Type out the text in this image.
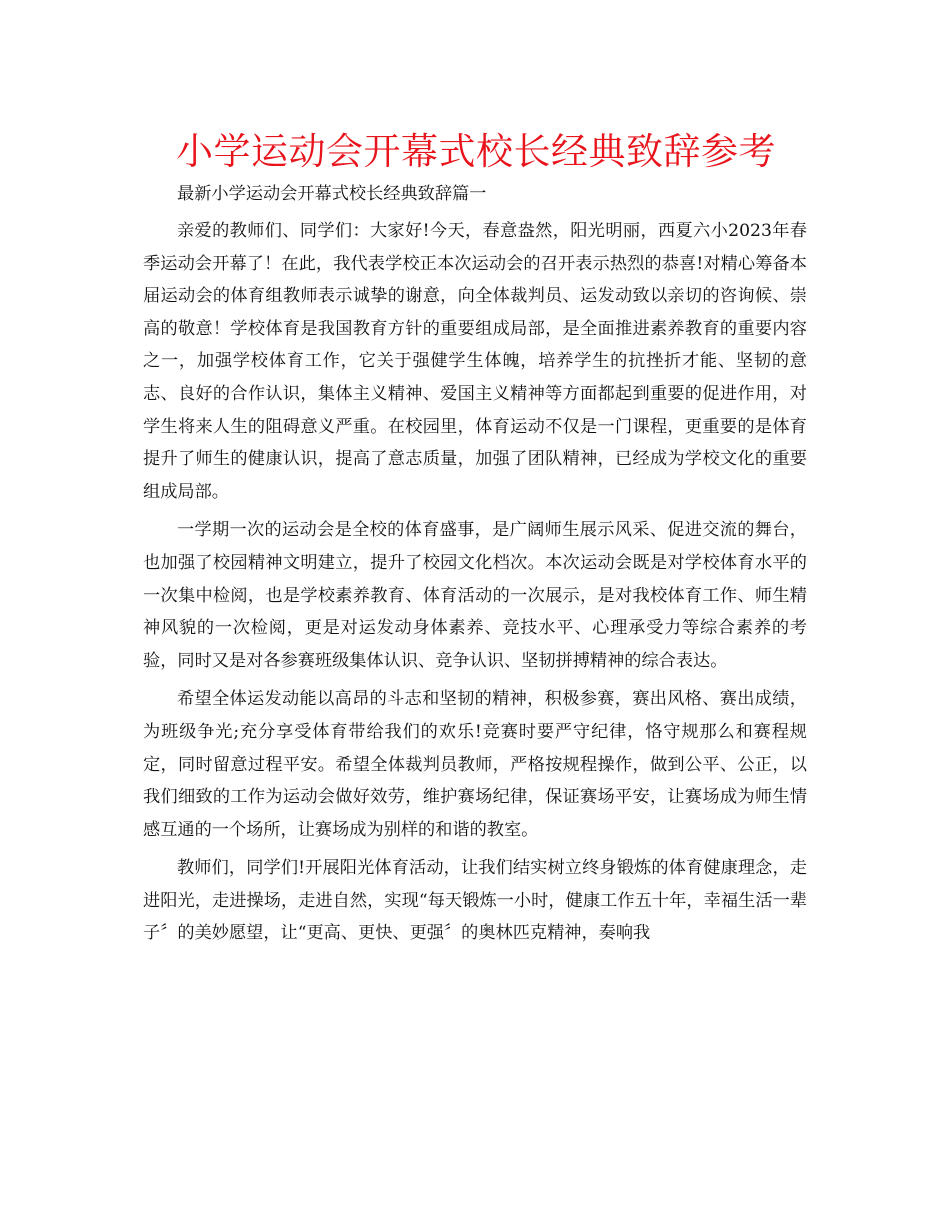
小学运动会开幕式校长经典致辞参考

最新小学运动会开幕式校长经典致辞篇一

亲爱的教师们、同学们：大家好!今天，春意盎然，阳光明丽，西夏六小2023年春季运动会开幕了！在此，我代表学校正本次运动会的召开表示热烈的恭喜!对精心筹备本届运动会的体育组教师表示诚挚的谢意，向全体裁判员、运发动致以亲切的咨询候、崇高的敬意！学校体育是我国教育方针的重要组成局部，是全面推进素养教育的重要内容之一，加强学校体育工作，它关于强健学生体魄，培养学生的抗挫折才能、坚韧的意志、良好的合作认识，集体主义精神、爱国主义精神等方面都起到重要的促进作用，对学生将来人生的阻碍意义严重。在校园里，体育运动不仅是一门课程，更重要的是体育提升了师生的健康认识，提高了意志质量，加强了团队精神，已经成为学校文化的重要组成局部。

一学期一次的运动会是全校的体育盛事，是广阔师生展示风采、促进交流的舞台，也加强了校园精神文明建立，提升了校园文化档次。本次运动会既是对学校体育水平的一次集中检阅，也是学校素养教育、体育活动的一次展示，是对我校体育工作、师生精神风貌的一次检阅，更是对运发动身体素养、竞技水平、心理承受力等综合素养的考验，同时又是对各参赛班级集体认识、竞争认识、坚韧拼搏精神的综合表达。

希望全体运发动能以高昂的斗志和坚韧的精神，积极参赛，赛出风格、赛出成绩，为班级争光;充分享受体育带给我们的欢乐!竞赛时要严守纪律，恪守规那么和赛程规定，同时留意过程平安。希望全体裁判员教师，严格按规程操作，做到公平、公正，以我们细致的工作为运动会做好效劳，维护赛场纪律，保证赛场平安，让赛场成为师生情感互通的一个场所，让赛场成为别样的和谐的教室。

教师们，同学们!开展阳光体育活动，让我们结实树立终身锻炼的体育健康理念，走进阳光，走进操场，走进自然，实现“每天锻炼一小时，健康工作五十年，幸福生活一辈子〞的美妙愿望，让“更高、更快、更强〞的奥林匹克精神，奏响我
